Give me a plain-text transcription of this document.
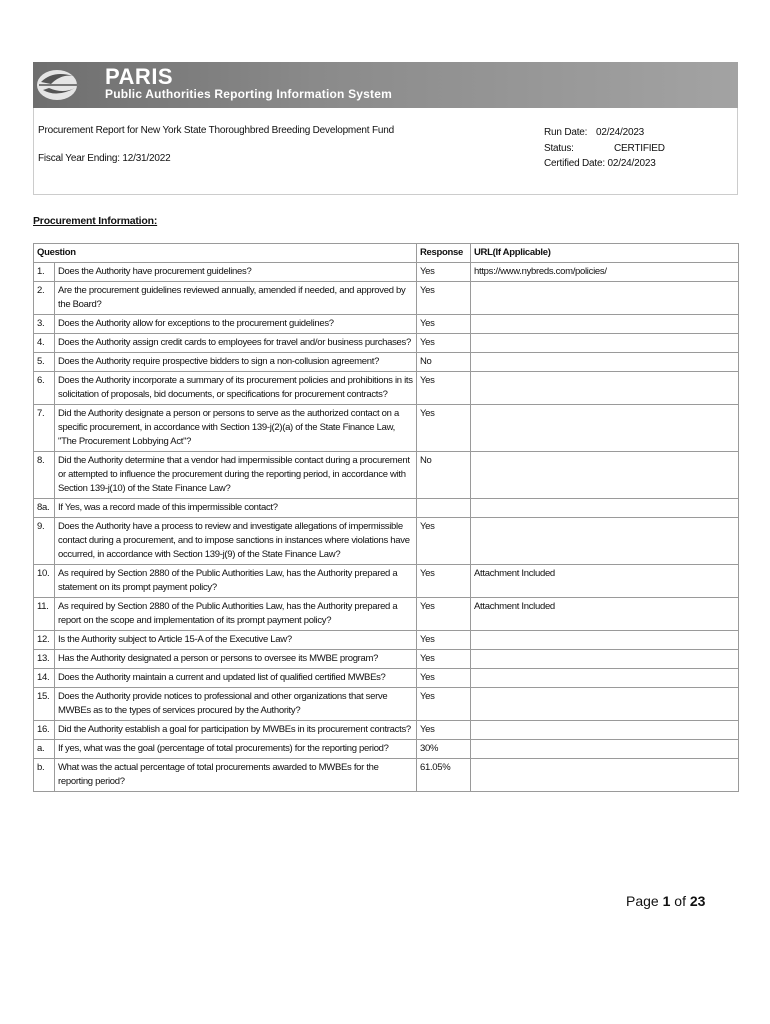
PARIS
Public Authorities Reporting Information System
Procurement Report for New York State Thoroughbred Breeding Development Fund
Fiscal Year Ending: 12/31/2022
Run Date: 02/24/2023
Status:	CERTIFIED
Certified Date: 02/24/2023
Procurement Information:
Question		Response	URL(If Applicable)
1.	Does the Authority have procurement guidelines?	Yes	https://www.nybreds.com/policies/
2.	Are the procurement guidelines reviewed annually, amended if needed, and approved by the Board?	Yes	
3.	Does the Authority allow for exceptions to the procurement guidelines?	Yes	
4.	Does the Authority assign credit cards to employees for travel and/or business purchases?	Yes	
5.	Does the Authority require prospective bidders to sign a non-collusion agreement?	No	
6.	Does the Authority incorporate a summary of its procurement policies and prohibitions in its solicitation of proposals, bid documents, or specifications for procurement contracts?	Yes	
7.	Did the Authority designate a person or persons to serve as the authorized contact on a specific procurement, in accordance with Section 139-j(2)(a) of the State Finance Law, "The Procurement Lobbying Act"?	Yes	
8.	Did the Authority determine that a vendor had impermissible contact during a procurement or attempted to influence the procurement during the reporting period, in accordance with Section 139-j(10) of the State Finance Law?	No	
8a.	If Yes, was a record made of this impermissible contact?		
9.	Does the Authority have a process to review and investigate allegations of impermissible contact during a procurement, and to impose sanctions in instances where violations have occurred, in accordance with Section 139-j(9) of the State Finance Law?	Yes	
10.	As required by Section 2880 of the Public Authorities Law, has the Authority prepared a statement on its prompt payment policy?	Yes	Attachment Included
11.	As required by Section 2880 of the Public Authorities Law, has the Authority prepared a report on the scope and implementation of its prompt payment policy?	Yes	Attachment Included
12.	Is the Authority subject to Article 15-A of the Executive Law?	Yes	
13.	Has the Authority designated a person or persons to oversee its MWBE program?	Yes	
14.	Does the Authority maintain a current and updated list of qualified certified MWBEs?	Yes	
15.	Does the Authority provide notices to professional and other organizations that serve MWBEs as to the types of services procured by the Authority?	Yes	
16.	Did the Authority establish a goal for participation by MWBEs in its procurement contracts?	Yes	
a.	If yes, what was the goal (percentage of total procurements) for the reporting period?	30%	
b.	What was the actual percentage of total procurements awarded to MWBEs for the reporting period?	61.05%	
Page 1 of 23
